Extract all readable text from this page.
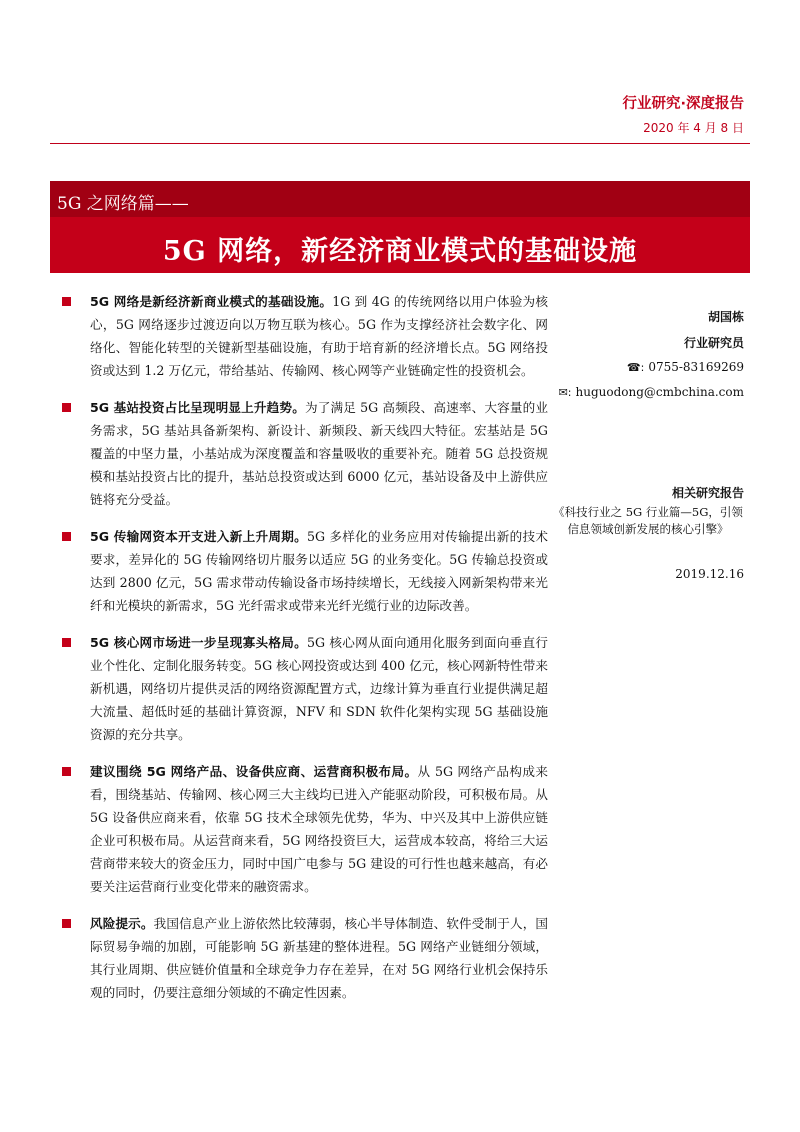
行业研究·深度报告
2020 年 4 月 8 日
5G 之网络篇——
5G 网络，新经济商业模式的基础设施
5G 网络是新经济新商业模式的基础设施。1G 到 4G 的传统网络以用户体验为核心，5G 网络逐步过渡迈向以万物互联为核心。5G 作为支撑经济社会数字化、网络化、智能化转型的关键新型基础设施，有助于培育新的经济增长点。5G 网络投资或达到 1.2 万亿元，带给基站、传输网、核心网等产业链确定性的投资机会。
5G 基站投资占比呈现明显上升趋势。为了满足 5G 高频段、高速率、大容量的业务需求，5G 基站具备新架构、新设计、新频段、新天线四大特征。宏基站是 5G 覆盖的中坚力量，小基站成为深度覆盖和容量吸收的重要补充。随着 5G 总投资规模和基站投资占比的提升，基站总投资或达到 6000 亿元，基站设备及中上游供应链将充分受益。
5G 传输网资本开支进入新上升周期。5G 多样化的业务应用对传输提出新的技术要求，差异化的 5G 传输网络切片服务以适应 5G 的业务变化。5G 传输总投资或达到 2800 亿元，5G 需求带动传输设备市场持续增长，无线接入网新架构带来光纤和光模块的新需求，5G 光纤需求或带来光纤光缆行业的边际改善。
5G 核心网市场进一步呈现寡头格局。5G 核心网从面向通用化服务到面向垂直行业个性化、定制化服务转变。5G 核心网投资或达到 400 亿元，核心网新特性带来新机遇，网络切片提供灵活的网络资源配置方式，边缘计算为垂直行业提供满足超大流量、超低时延的基础计算资源，NFV 和 SDN 软件化架构实现 5G 基础设施资源的充分共享。
建议围绕 5G 网络产品、设备供应商、运营商积极布局。从 5G 网络产品构成来看，围绕基站、传输网、核心网三大主线均已进入产能驱动阶段，可积极布局。从 5G 设备供应商来看，依靠 5G 技术全球领先优势，华为、中兴及其中上游供应链企业可积极布局。从运营商来看，5G 网络投资巨大，运营成本较高，将给三大运营商带来较大的资金压力，同时中国广电参与 5G 建设的可行性也越来越高，有必要关注运营商行业变化带来的融资需求。
风险提示。我国信息产业上游依然比较薄弱，核心半导体制造、软件受制于人，国际贸易争端的加剧，可能影响 5G 新基建的整体进程。5G 网络产业链细分领域，其行业周期、供应链价值量和全球竞争力存在差异，在对 5G 网络行业机会保持乐观的同时，仍要注意细分领域的不确定性因素。
胡国栋
行业研究员
☎: 0755-83169269
✉: huguodong@cmbchina.com
相关研究报告
《科技行业之 5G 行业篇—5G，引领信息领域创新发展的核心引擎》
2019.12.16
